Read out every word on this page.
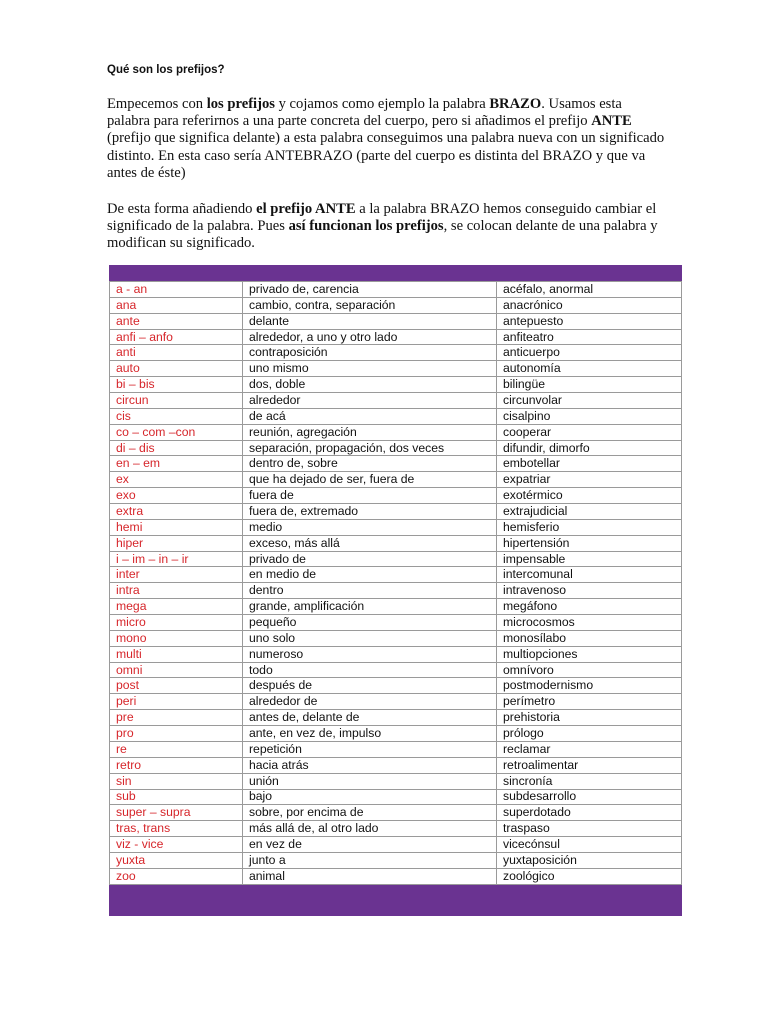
Qué son los prefijos?
Empecemos con los prefijos y cojamos como ejemplo la palabra BRAZO. Usamos esta palabra para referirnos a una parte concreta del cuerpo, pero si añadimos el prefijo ANTE (prefijo que significa delante) a esta palabra conseguimos una palabra nueva con un significado distinto. En esta caso sería ANTEBRAZO (parte del cuerpo es distinta del BRAZO y que va antes de éste)
De esta forma añadiendo el prefijo ANTE a la palabra BRAZO hemos conseguido cambiar el significado de la palabra. Pues así funcionan los prefijos, se colocan delante de una palabra y modifican su significado.
a - an	privado de, carencia	acéfalo, anormal
ana	cambio, contra, separación	anacrónico
ante	delante	antepuesto
anfi – anfo	alrededor, a uno y otro lado	anfiteatro
anti	contraposición	anticuerpo
auto	uno mismo	autonomía
bi – bis	dos, doble	bilingüe
circun	alrededor	circunvolar
cis	de acá	cisalpino
co – com –con	reunión, agregación	cooperar
di – dis	separación, propagación, dos veces	difundir, dimorfo
en – em	dentro de, sobre	embotellar
ex	que ha dejado de ser, fuera de	expatriar
exo	fuera de	exotérmico
extra	fuera de, extremado	extrajudicial
hemi	medio	hemisferio
hiper	exceso, más allá	hipertensión
i – im – in – ir	privado de	impensable
inter	en medio de	intercomunal
intra	dentro	intravenoso
mega	grande, amplificación	megáfono
micro	pequeño	microcosmos
mono	uno solo	monosílabo
multi	numeroso	multiopciones
omni	todo	omnívoro
post	después de	postmodernismo
peri	alrededor de	perímetro
pre	antes de, delante de	prehistoria
pro	ante, en vez de, impulso	prólogo
re	repetición	reclamar
retro	hacia atrás	retroalimentar
sin	unión	sincronía
sub	bajo	subdesarrollo
super – supra	sobre, por encima de	superdotado
tras, trans	más allá de, al otro lado	traspaso
viz - vice	en vez de	vicecónsul
yuxta	junto a	yuxtaposición
zoo	animal	zoológico
